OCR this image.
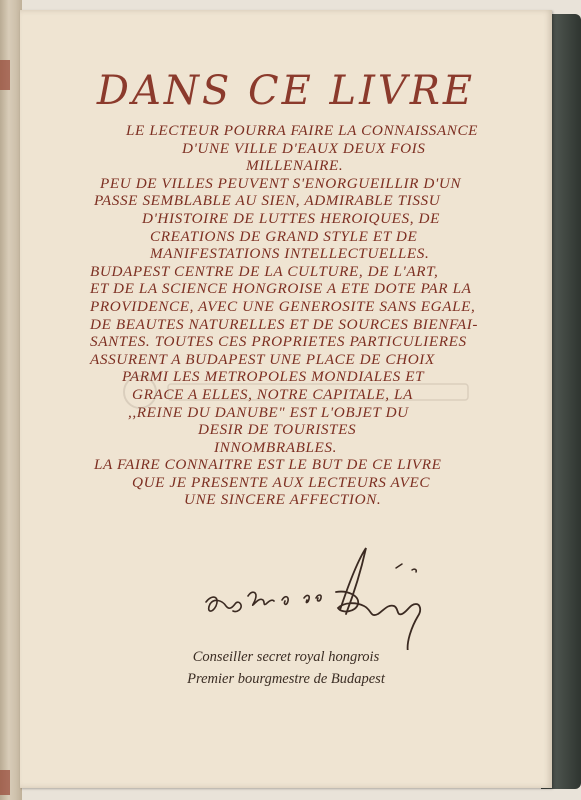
DANS CE LIVRE
LE LECTEUR POURRA FAIRE LA CONNAISSANCE
D'UNE VILLE D'EAUX DEUX FOIS
MILLENAIRE.
PEU DE VILLES PEUVENT S'ENORGUEILLIR D'UN
PASSE SEMBLABLE AU SIEN, ADMIRABLE TISSU
D'HISTOIRE DE LUTTES HEROIQUES, DE
CREATIONS DE GRAND STYLE ET DE
MANIFESTATIONS INTELLECTUELLES.
BUDAPEST CENTRE DE LA CULTURE, DE L'ART,
ET DE LA SCIENCE HONGROISE A ETE DOTE PAR LA
PROVIDENCE, AVEC UNE GENEROSITE SANS EGALE,
DE BEAUTES NATURELLES ET DE SOURCES BIENFAI-
SANTES. TOUTES CES PROPRIETES PARTICULIERES
ASSURENT A BUDAPEST UNE PLACE DE CHOIX
PARMI LES METROPOLES MONDIALES ET
GRACE A ELLES, NOTRE CAPITALE, LA
,,REINE DU DANUBE" EST L'OBJET DU
DESIR DE TOURISTES
INNOMBRABLES.
LA FAIRE CONNAITRE EST LE BUT DE CE LIVRE
QUE JE PRESENTE AUX LECTEURS AVEC
UNE SINCERE AFFECTION.
Conseiller secret royal hongrois
Premier bourgmestre de Budapest
